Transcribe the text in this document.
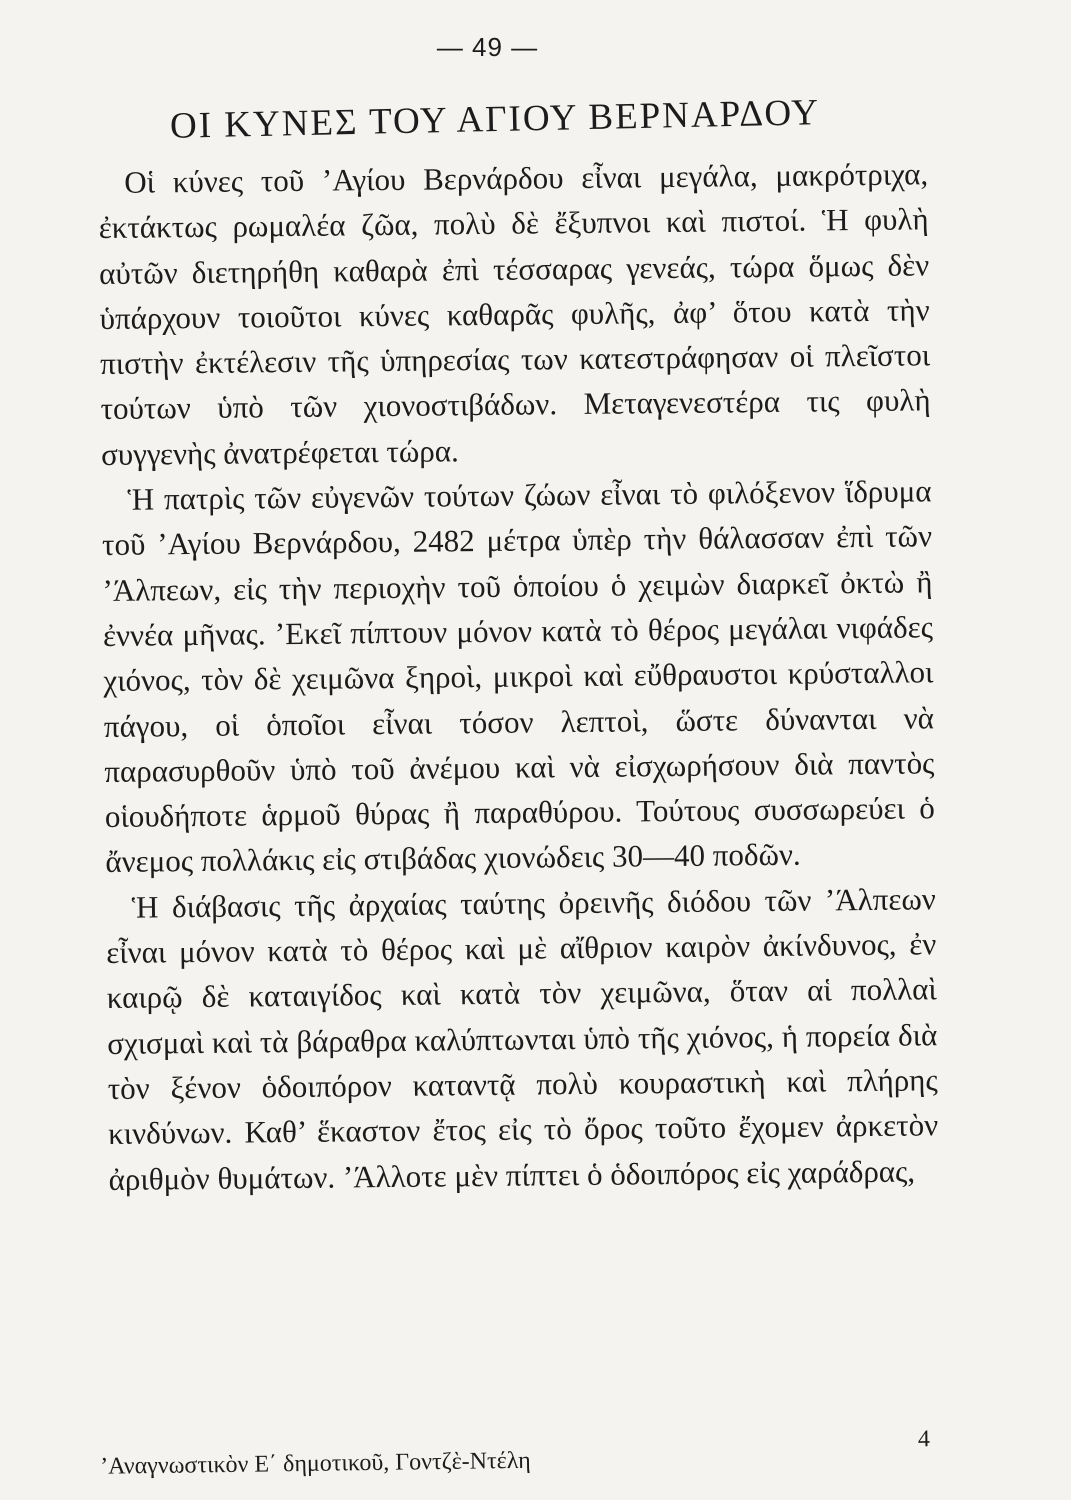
— 49 —
ΟΙ ΚΥΝΕΣ ΤΟΥ ΑΓΙΟΥ ΒΕΡΝΑΡΔΟΥ

Οἱ κύνες τοῦ ʼΑγίου Βερνάρδου εἶναι μεγάλα, μακρότριχα, ἐκτάκτως ρωμαλέα ζῶα, πολὺ δὲ ἔξυπνοι καὶ πιστοί. Ἡ φυλὴ αὐτῶν διετηρήθη καθαρὰ ἐπὶ τέσσαρας γενεάς, τώρα ὅμως δὲν ὑπάρχουν τοιοῦτοι κύνες καθαρᾶς φυλῆς, ἀφ’ ὅτου κατὰ τὴν πιστὴν ἐκτέλεσιν τῆς ὑπηρεσίας των κατεστράφησαν οἱ πλεῖστοι τούτων ὑπὸ τῶν χιονοστιβάδων. Μεταγενεστέρα τις φυλὴ συγγενὴς ἀνατρέφεται τώρα.

Ἡ πατρὶς τῶν εὐγενῶν τούτων ζώων εἶναι τὸ φιλόξενον ἵδρυμα τοῦ ʼΑγίου Βερνάρδου, 2482 μέτρα ὑπὲρ τὴν θάλασσαν ἐπὶ τῶν ʼΆλπεων, εἰς τὴν περιοχὴν τοῦ ὁποίου ὁ χειμὼν διαρκεῖ ὀκτὼ ἢ ἐννέα μῆνας. ʼΕκεῖ πίπτουν μόνον κατὰ τὸ θέρος μεγάλαι νιφάδες χιόνος, τὸν δὲ χειμῶνα ξηροὶ, μικροὶ καὶ εὔθραυστοι κρύσταλλοι πάγου, οἱ ὁποῖοι εἶναι τόσον λεπτοὶ, ὥστε δύνανται νὰ παρασυρθοῦν ὑπὸ τοῦ ἀνέμου καὶ νὰ εἰσχωρήσουν διὰ παντὸς οἱουδήποτε ἁρμοῦ θύρας ἢ παραθύρου. Τούτους συσσωρεύει ὁ ἄνεμος πολλάκις εἰς στιβάδας χιονώδεις 30—40 ποδῶν.

Ἡ διάβασις τῆς ἀρχαίας ταύτης ὀρεινῆς διόδου τῶν ʼΆλπεων εἶναι μόνον κατὰ τὸ θέρος καὶ μὲ αἴθριον καιρὸν ἀκίνδυνος, ἐν καιρῷ δὲ καταιγίδος καὶ κατὰ τὸν χειμῶνα, ὅταν αἱ πολλαὶ σχισμαὶ καὶ τὰ βάραθρα καλύπτωνται ὑπὸ τῆς χιόνος, ἡ πορεία διὰ τὸν ξένον ὁδοιπόρον καταντᾷ πολὺ κουραστικὴ καὶ πλήρης κινδύνων. Καθ’ ἕκαστον ἔτος εἰς τὸ ὄρος τοῦτο ἔχομεν ἀρκετὸν ἀριθμὸν θυμάτων. ʼΆλλοτε μὲν πίπτει ὁ ὁδοιπόρος εἰς χαράδρας,

ʼΑναγνωστικὸν Ε΄ δημοτικοῦ, Γοντζὲ-Ντέλη
4
